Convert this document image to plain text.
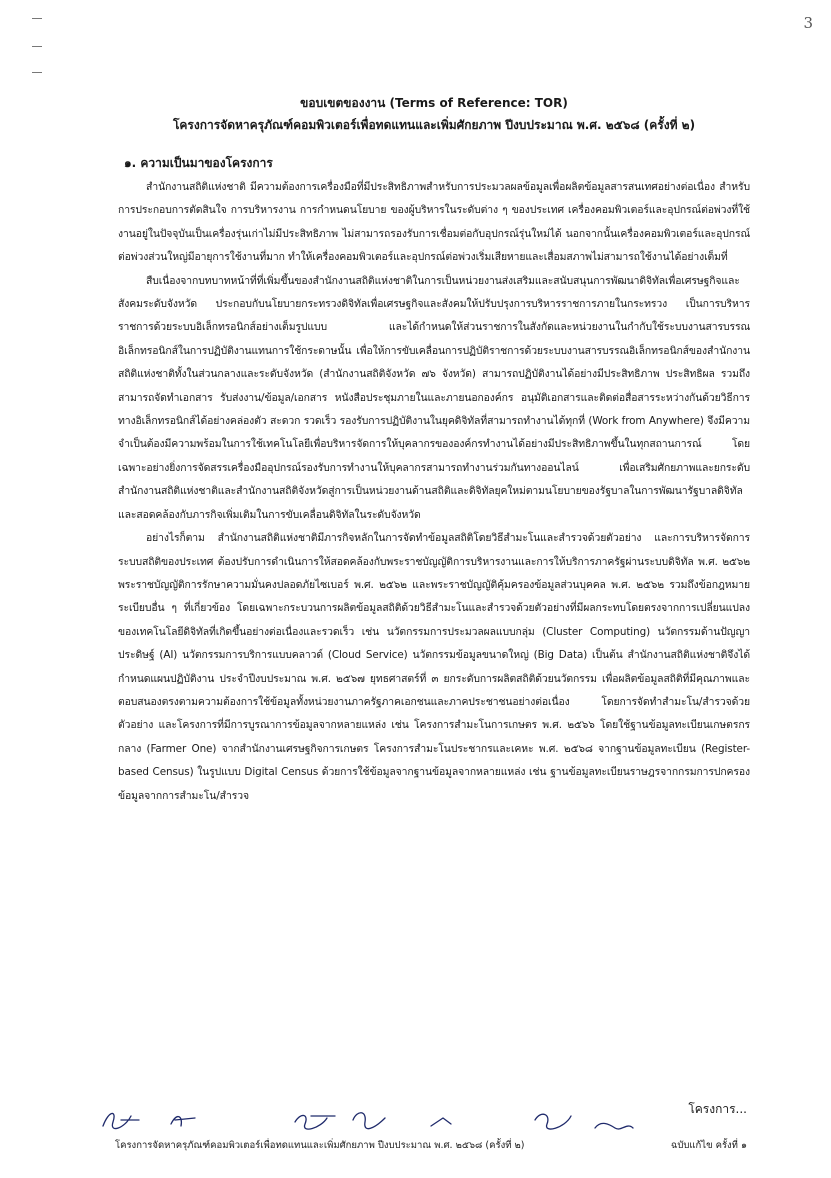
3

ขอบเขตของงาน (Terms of Reference: TOR)

โครงการจัดหาครุภัณฑ์คอมพิวเตอร์เพื่อทดแทนและเพิ่มศักยภาพ ปีงบประมาณ พ.ศ. ๒๕๖๘ (ครั้งที่ ๒)

๑. ความเป็นมาของโครงการ

สำนักงานสถิติแห่งชาติ มีความต้องการเครื่องมือที่มีประสิทธิภาพสำหรับการประมวลผลข้อมูลเพื่อผลิตข้อมูลสารสนเทศอย่างต่อเนื่อง สำหรับการประกอบการตัดสินใจ การบริหารงาน การกำหนดนโยบาย ของผู้บริหารในระดับต่าง ๆ ของประเทศ เครื่องคอมพิวเตอร์และอุปกรณ์ต่อพ่วงที่ใช้งานอยู่ในปัจจุบันเป็นเครื่องรุ่นเก่าไม่มีประสิทธิภาพ ไม่สามารถรองรับการเชื่อมต่อกับอุปกรณ์รุ่นใหม่ได้ นอกจากนั้นเครื่องคอมพิวเตอร์และอุปกรณ์ต่อพ่วงส่วนใหญ่มีอายุการใช้งานที่มาก ทำให้เครื่องคอมพิวเตอร์และอุปกรณ์ต่อพ่วงเริ่มเสียหายและเสื่อมสภาพไม่สามารถใช้งานได้อย่างเต็มที่

สืบเนื่องจากบทบาทหน้าที่ที่เพิ่มขึ้นของสำนักงานสถิติแห่งชาติในการเป็นหน่วยงานส่งเสริมและสนับสนุนการพัฒนาดิจิทัลเพื่อเศรษฐกิจและสังคมระดับจังหวัด ประกอบกับนโยบายกระทรวงดิจิทัลเพื่อเศรษฐกิจและสังคมให้ปรับปรุงการบริหารราชการภายในกระทรวง เป็นการบริหารราชการด้วยระบบอิเล็กทรอนิกส์อย่างเต็มรูปแบบ และได้กำหนดให้ส่วนราชการในสังกัดและหน่วยงานในกำกับใช้ระบบงานสารบรรณอิเล็กทรอนิกส์ในการปฏิบัติงานแทนการใช้กระดาษนั้น เพื่อให้การขับเคลื่อนการปฏิบัติราชการด้วยระบบงานสารบรรณอิเล็กทรอนิกส์ของสำนักงานสถิติแห่งชาติทั้งในส่วนกลางและระดับจังหวัด (สำนักงานสถิติจังหวัด ๗๖ จังหวัด) สามารถปฏิบัติงานได้อย่างมีประสิทธิภาพ ประสิทธิผล รวมถึงสามารถจัดทำเอกสาร รับส่งงาน/ข้อมูล/เอกสาร หนังสือประชุมภายในและภายนอกองค์กร อนุมัติเอกสารและติดต่อสื่อสารระหว่างกันด้วยวิธีการทางอิเล็กทรอนิกส์ได้อย่างคล่องตัว สะดวก รวดเร็ว รองรับการปฏิบัติงานในยุคดิจิทัลที่สามารถทำงานได้ทุกที่ (Work from Anywhere) จึงมีความจำเป็นต้องมีความพร้อมในการใช้เทคโนโลยีเพื่อบริหารจัดการให้บุคลากรขององค์กรทำงานได้อย่างมีประสิทธิภาพขึ้นในทุกสถานการณ์ โดยเฉพาะอย่างยิ่งการจัดสรรเครื่องมืออุปกรณ์รองรับการทำงานให้บุคลากรสามารถทำงานร่วมกันทางออนไลน์ เพื่อเสริมศักยภาพและยกระดับสำนักงานสถิติแห่งชาติและสำนักงานสถิติจังหวัดสู่การเป็นหน่วยงานด้านสถิติและดิจิทัลยุคใหม่ตามนโยบายของรัฐบาลในการพัฒนารัฐบาลดิจิทัล และสอดคล้องกับภารกิจเพิ่มเติมในการขับเคลื่อนดิจิทัลในระดับจังหวัด

อย่างไรก็ตาม สำนักงานสถิติแห่งชาติมีภารกิจหลักในการจัดทำข้อมูลสถิติโดยวิธีสำมะโนและสำรวจด้วยตัวอย่าง และการบริหารจัดการระบบสถิติของประเทศ ต้องปรับการดำเนินการให้สอดคล้องกับพระราชบัญญัติการบริหารงานและการให้บริการภาครัฐผ่านระบบดิจิทัล พ.ศ. ๒๕๖๒ พระราชบัญญัติการรักษาความมั่นคงปลอดภัยไซเบอร์ พ.ศ. ๒๕๖๒ และพระราชบัญญัติคุ้มครองข้อมูลส่วนบุคคล พ.ศ. ๒๕๖๒ รวมถึงข้อกฎหมายระเบียบอื่น ๆ ที่เกี่ยวข้อง โดยเฉพาะกระบวนการผลิตข้อมูลสถิติด้วยวิธีสำมะโนและสำรวจด้วยตัวอย่างที่มีผลกระทบโดยตรงจากการเปลี่ยนแปลงของเทคโนโลยีดิจิทัลที่เกิดขึ้นอย่างต่อเนื่องและรวดเร็ว เช่น นวัตกรรมการประมวลผลแบบกลุ่ม (Cluster Computing) นวัตกรรมด้านปัญญาประดิษฐ์ (AI) นวัตกรรมการบริการแบบคลาวด์ (Cloud Service) นวัตกรรมข้อมูลขนาดใหญ่ (Big Data) เป็นต้น สำนักงานสถิติแห่งชาติจึงได้กำหนดแผนปฏิบัติงาน ประจำปีงบประมาณ พ.ศ. ๒๕๖๗ ยุทธศาสตร์ที่ ๓ ยกระดับการผลิตสถิติด้วยนวัตกรรม เพื่อผลิตข้อมูลสถิติที่มีคุณภาพและตอบสนองตรงตามความต้องการใช้ข้อมูลทั้งหน่วยงานภาครัฐภาคเอกชนและภาคประชาชนอย่างต่อเนื่อง โดยการจัดทำสำมะโน/สำรวจด้วยตัวอย่าง และโครงการที่มีการบูรณาการข้อมูลจากหลายแหล่ง เช่น โครงการสำมะโนการเกษตร พ.ศ. ๒๕๖๖ โดยใช้ฐานข้อมูลทะเบียนเกษตรกรกลาง (Farmer One) จากสำนักงานเศรษฐกิจการเกษตร โครงการสำมะโนประชากรและเคหะ พ.ศ. ๒๕๖๘ จากฐานข้อมูลทะเบียน (Register-based Census) ในรูปแบบ Digital Census ด้วยการใช้ข้อมูลจากฐานข้อมูลจากหลายแหล่ง เช่น ฐานข้อมูลทะเบียนราษฎรจากกรมการปกครอง ข้อมูลจากการสำมะโน/สำรวจ

โครงการ...
โครงการจัดหาครุภัณฑ์คอมพิวเตอร์เพื่อทดแทนและเพิ่มศักยภาพ ปีงบประมาณ พ.ศ. ๒๕๖๘ (ครั้งที่ ๒)	ฉบับแก้ไข ครั้งที่ ๑
